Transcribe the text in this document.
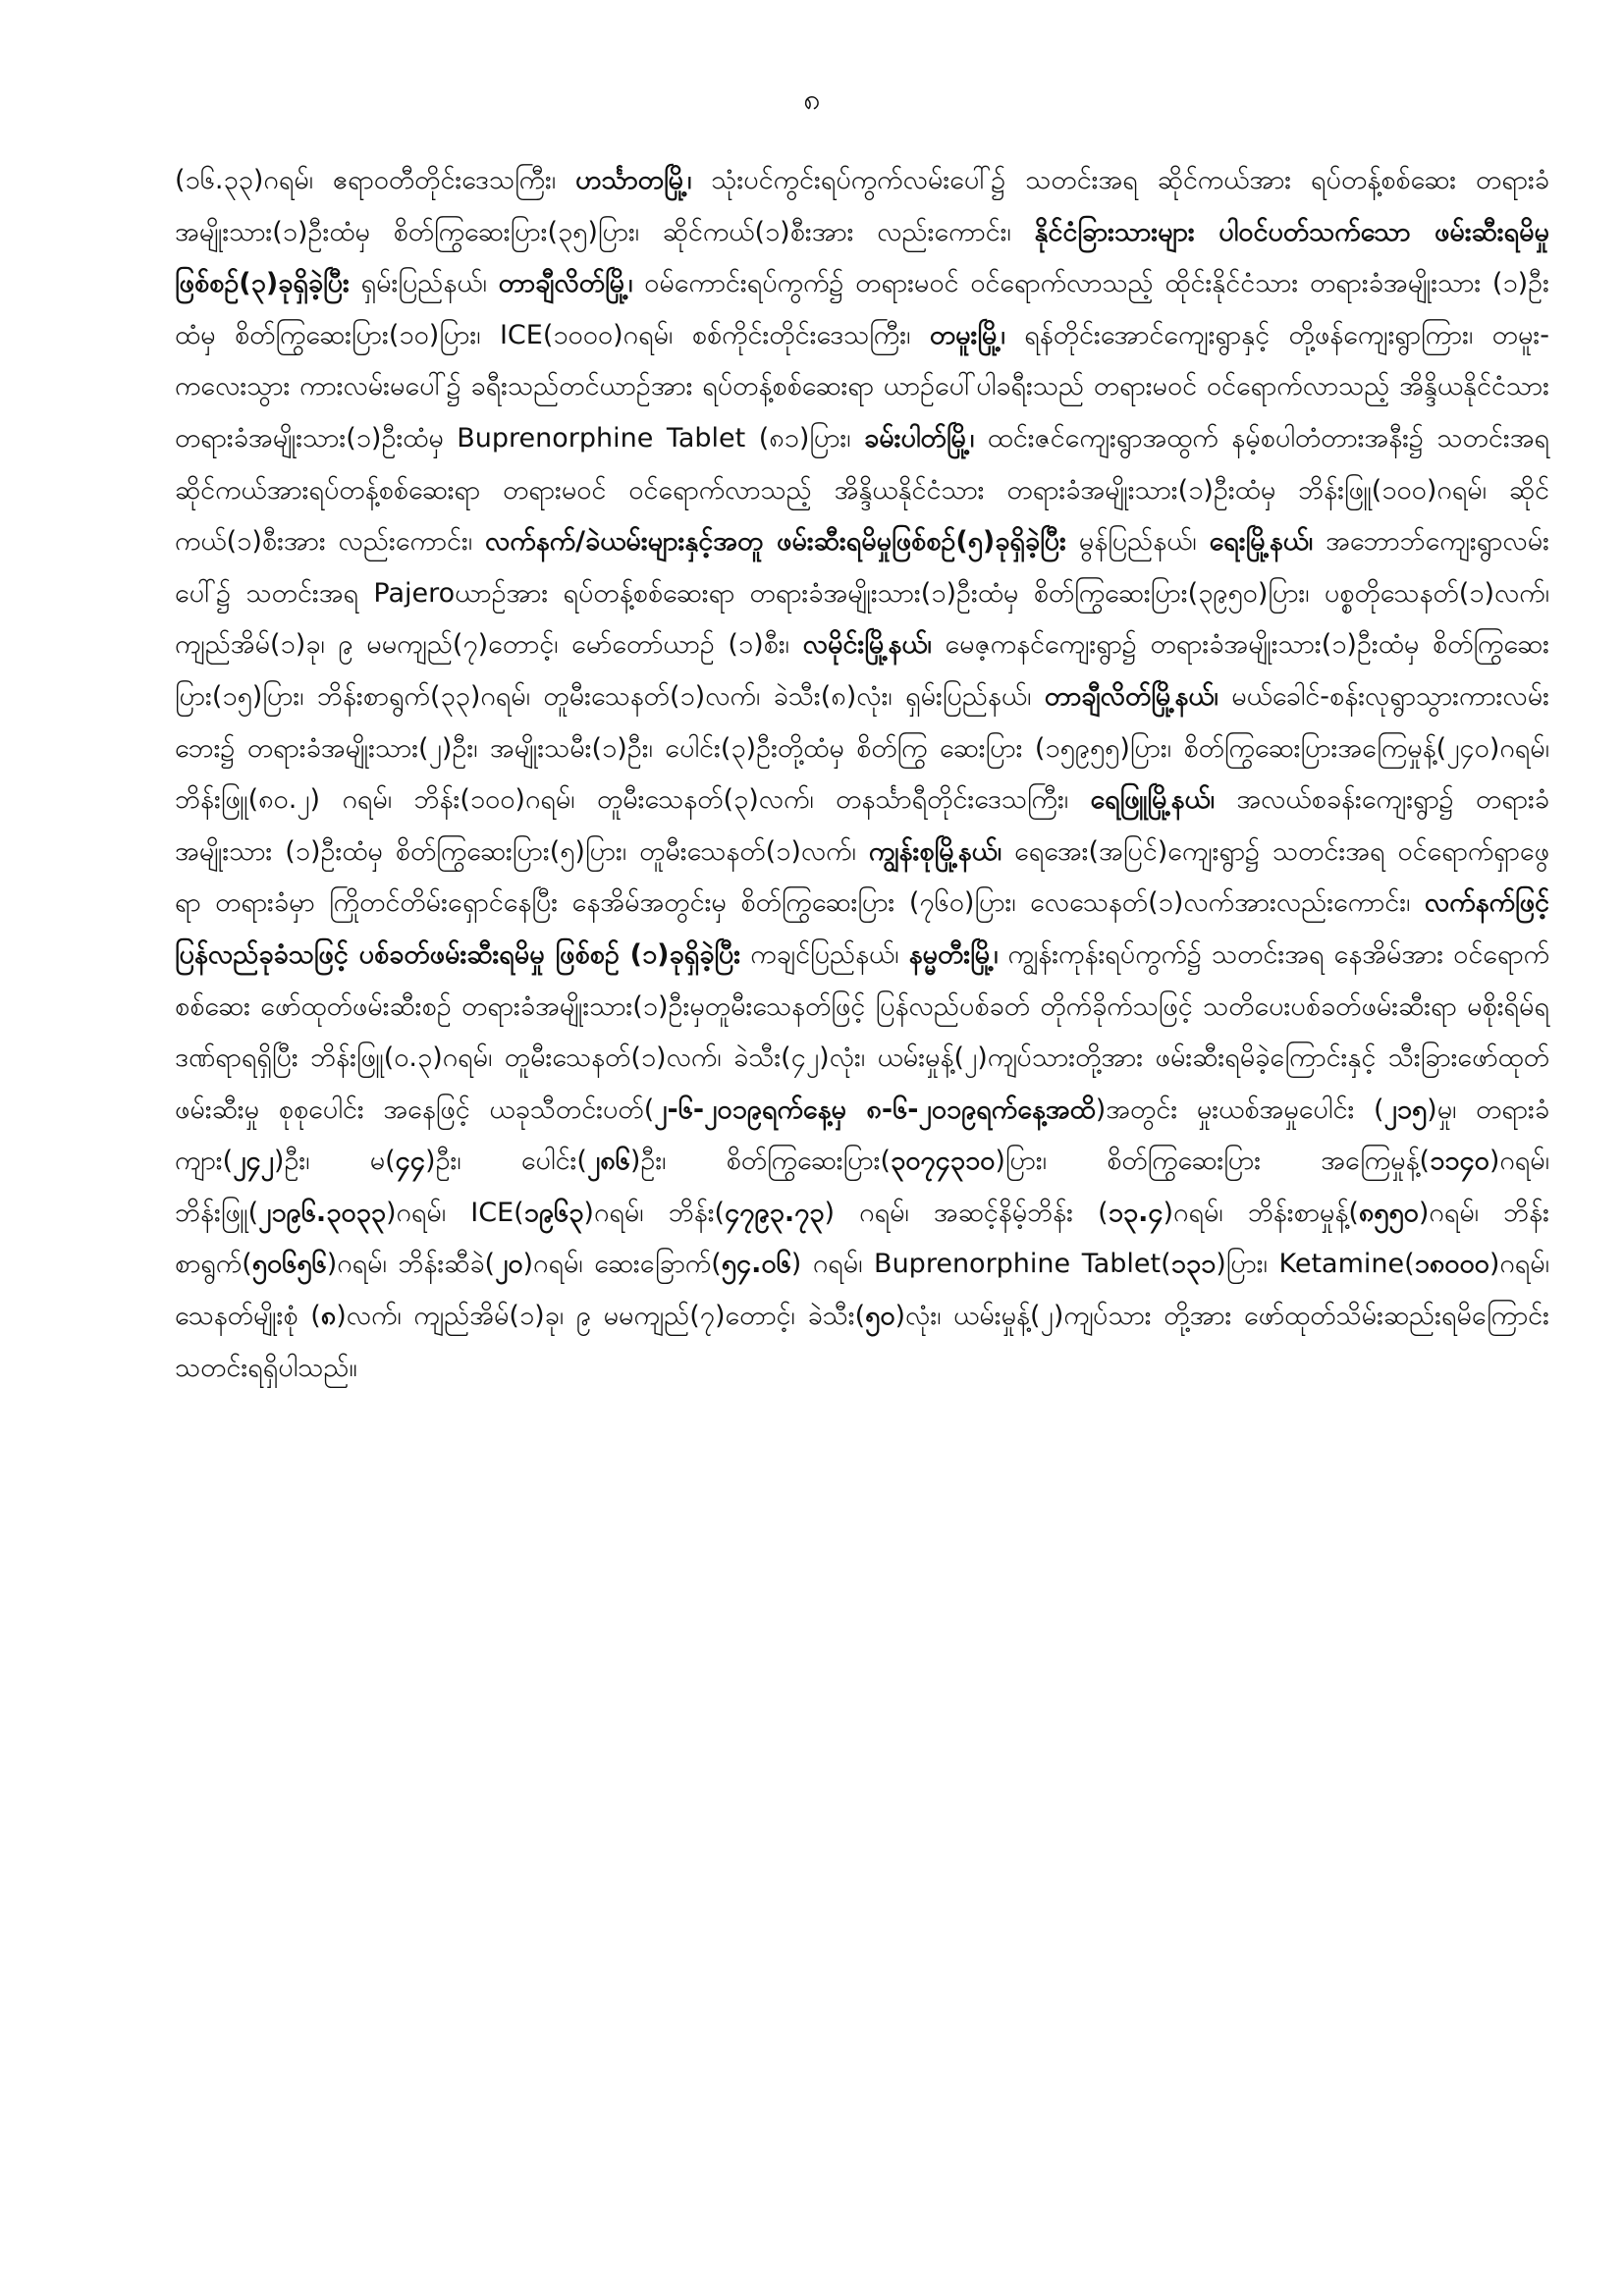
၈

(၁၆.၃၃)ဂရမ်၊ ဧရာဝတီတိုင်းဒေသကြီး၊ ဟင်္သာတမြို့၊ သုံးပင်ကွင်းရပ်ကွက်လမ်းပေါ်၌ သတင်းအရ ဆိုင်ကယ်အား ရပ်တန့်စစ်ဆေး တရားခံအမျိုးသား(၁)ဦးထံမှ စိတ်ကြွဆေးပြား(၃၅)ပြား၊ ဆိုင်ကယ်(၁)စီးအား လည်းကောင်း၊ နိုင်ငံခြားသားများ ပါဝင်ပတ်သက်သော ဖမ်းဆီးရမိမှုဖြစ်စဉ်(၃)ခုရှိခဲ့ပြီး ရှမ်းပြည်နယ်၊ တာချီလိတ်မြို့၊ ဝမ်ကောင်းရပ်ကွက်၌ တရားမဝင် ဝင်ရောက်လာသည့် ထိုင်းနိုင်ငံသား တရားခံအမျိုးသား (၁)ဦးထံမှ စိတ်ကြွဆေးပြား(၁၀)ပြား၊ ICE(၁၀၀၀)ဂရမ်၊ စစ်ကိုင်းတိုင်းဒေသကြီး၊ တမူးမြို့၊ ရန်တိုင်းအောင်ကျေးရွာနှင့် တို့ဖန်ကျေးရွာကြား၊ တမူး-ကလေးသွား ကားလမ်းမပေါ်၌ ခရီးသည်တင်ယာဉ်အား ရပ်တန့်စစ်ဆေးရာ ယာဉ်ပေါ်ပါခရီးသည် တရားမဝင် ဝင်ရောက်လာသည့် အိန္ဒိယနိုင်ငံသား တရားခံအမျိုးသား(၁)ဦးထံမှ Buprenorphine Tablet (၈၁)ပြား၊ ခမ်းပါတ်မြို့၊ ထင်းဇင်ကျေးရွာအထွက် နမ့်စပါတံတားအနီး၌ သတင်းအရ ဆိုင်ကယ်အားရပ်တန့်စစ်ဆေးရာ တရားမဝင် ဝင်ရောက်လာသည့် အိန္ဒိယနိုင်ငံသား တရားခံအမျိုးသား(၁)ဦးထံမှ ဘိန်းဖြူ(၁၀၀)ဂရမ်၊ ဆိုင်ကယ်(၁)စီးအား လည်းကောင်း၊ လက်နက်/ခဲယမ်းများနှင့်အတူ ဖမ်းဆီးရမိမှုဖြစ်စဉ်(၅)ခုရှိခဲ့ပြီး မွန်ပြည်နယ်၊ ရေးမြို့နယ်၊ အဘောဘ်ကျေးရွာလမ်းပေါ်၌ သတင်းအရ Pajeroယာဉ်အား ရပ်တန့်စစ်ဆေးရာ တရားခံအမျိုးသား(၁)ဦးထံမှ စိတ်ကြွဆေးပြား(၃၉၅၀)ပြား၊ ပစ္စတိုသေနတ်(၁)လက်၊ ကျည်အိမ်(၁)ခု၊ ၉ မမကျည်(၇)တောင့်၊ မော်တော်ယာဉ် (၁)စီး၊ လမိုင်းမြို့နယ်၊ မေဇ့ကနင်ကျေးရွာ၌ တရားခံအမျိုးသား(၁)ဦးထံမှ စိတ်ကြွဆေးပြား(၁၅)ပြား၊ ဘိန်းစာရွက်(၃၃)ဂရမ်၊ တူမီးသေနတ်(၁)လက်၊ ခဲသီး(၈)လုံး၊ ရှမ်းပြည်နယ်၊ တာချီလိတ်မြို့နယ်၊ မယ်ခေါင်-စန်းလုရွာသွားကားလမ်းဘေး၌ တရားခံအမျိုးသား(၂)ဦး၊ အမျိုးသမီး(၁)ဦး၊ ပေါင်း(၃)ဦးတို့ထံမှ စိတ်ကြွ ဆေးပြား (၁၅၉၅၅)ပြား၊ စိတ်ကြွဆေးပြားအကြေမှုန့်(၂၄၀)ဂရမ်၊ ဘိန်းဖြူ(၈၀.၂) ဂရမ်၊ ဘိန်း(၁၀၀)ဂရမ်၊ တူမီးသေနတ်(၃)လက်၊ တနင်္သာရီတိုင်းဒေသကြီး၊ ရေဖြူမြို့နယ်၊ အလယ်စခန်းကျေးရွာ၌ တရားခံအမျိုးသား (၁)ဦးထံမှ စိတ်ကြွဆေးပြား(၅)ပြား၊ တူမီးသေနတ်(၁)လက်၊ ကျွန်းစုမြို့နယ်၊ ရေအေး(အပြင်)ကျေးရွာ၌ သတင်းအရ ဝင်ရောက်ရှာဖွေရာ တရားခံမှာ ကြိုတင်တိမ်းရှောင်နေပြီး နေအိမ်အတွင်းမှ စိတ်ကြွဆေးပြား (၇၆၀)ပြား၊ လေသေနတ်(၁)လက်အားလည်းကောင်း၊ လက်နက်ဖြင့်ပြန်လည်ခုခံသဖြင့် ပစ်ခတ်ဖမ်းဆီးရမိမှု ဖြစ်စဉ် (၁)ခုရှိခဲ့ပြီး ကချင်ပြည်နယ်၊ နမ္မတီးမြို့၊ ကျွန်းကုန်းရပ်ကွက်၌ သတင်းအရ နေအိမ်အား ဝင်ရောက်စစ်ဆေး ဖော်ထုတ်ဖမ်းဆီးစဉ် တရားခံအမျိုးသား(၁)ဦးမှတူမီးသေနတ်ဖြင့် ပြန်လည်ပစ်ခတ် တိုက်ခိုက်သဖြင့် သတိပေးပစ်ခတ်ဖမ်းဆီးရာ မစိုးရိမ်ရ ဒဏ်ရာရရှိပြီး ဘိန်းဖြူ(၀.၃)ဂရမ်၊ တူမီးသေနတ်(၁)လက်၊ ခဲသီး(၄၂)လုံး၊ ယမ်းမှုန့်(၂)ကျပ်သားတို့အား ဖမ်းဆီးရမိခဲ့ကြောင်းနှင့် သီးခြားဖော်ထုတ်ဖမ်းဆီးမှု စုစုပေါင်း အနေဖြင့် ယခုသီတင်းပတ်(၂-၆-၂၀၁၉ရက်နေ့မှ ၈-၆-၂၀၁၉ရက်နေ့အထိ)အတွင်း မှုးယစ်အမှုပေါင်း (၂၁၅)မှု၊ တရားခံကျား(၂၄၂)ဦး၊ မ(၄၄)ဦး၊ ပေါင်း(၂၈၆)ဦး၊ စိတ်ကြွဆေးပြား(၃၀၇၄၃၁၀)ပြား၊ စိတ်ကြွဆေးပြား အကြေမှုန့်(၁၁၄၀)ဂရမ်၊ ဘိန်းဖြူ(၂၁၉၆.၃၀၃၃)ဂရမ်၊ ICE(၁၉၆၃)ဂရမ်၊ ဘိန်း(၄၇၉၃.၇၃) ဂရမ်၊ အဆင့်နိမ့်ဘိန်း (၁၃.၄)ဂရမ်၊ ဘိန်းစာမှုန့်(၈၅၅၀)ဂရမ်၊ ဘိန်းစာရွက်(၅၀၆၅၆)ဂရမ်၊ ဘိန်းဆီခဲ(၂၀)ဂရမ်၊ ဆေးခြောက်(၅၄.၀၆) ဂရမ်၊ Buprenorphine Tablet(၁၃၁)ပြား၊ Ketamine(၁၈၀၀၀)ဂရမ်၊ သေနတ်မျိုးစုံ (၈)လက်၊ ကျည်အိမ်(၁)ခု၊ ၉ မမကျည်(၇)တောင့်၊ ခဲသီး(၅၀)လုံး၊ ယမ်းမှုန့်(၂)ကျပ်သား တို့အား ဖော်ထုတ်သိမ်းဆည်းရမိကြောင်း သတင်းရရှိပါသည်။
